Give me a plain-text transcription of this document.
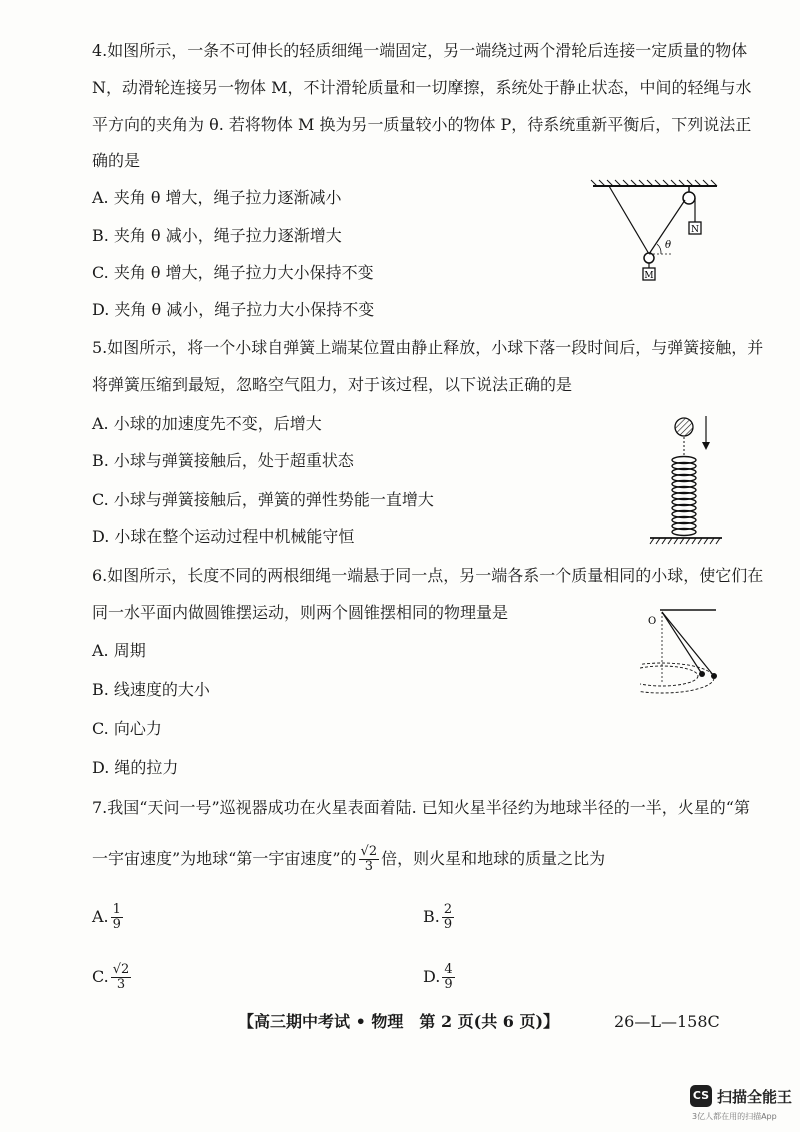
4.如图所示，一条不可伸长的轻质细绳一端固定，另一端绕过两个滑轮后连接一定质量的物体
N，动滑轮连接另一物体 M，不计滑轮质量和一切摩擦，系统处于静止状态，中间的轻绳与水
平方向的夹角为 θ. 若将物体 M 换为另一质量较小的物体 P，待系统重新平衡后，下列说法正
确的是
A. 夹角 θ 增大，绳子拉力逐渐减小
B. 夹角 θ 减小，绳子拉力逐渐增大
C. 夹角 θ 增大，绳子拉力大小保持不变
D. 夹角 θ 减小，绳子拉力大小保持不变
M
N
θ
5.如图所示，将一个小球自弹簧上端某位置由静止释放，小球下落一段时间后，与弹簧接触，并
将弹簧压缩到最短，忽略空气阻力，对于该过程，以下说法正确的是
A. 小球的加速度先不变，后增大
B. 小球与弹簧接触后，处于超重状态
C. 小球与弹簧接触后，弹簧的弹性势能一直增大
D. 小球在整个运动过程中机械能守恒
6.如图所示，长度不同的两根细绳一端悬于同一点，另一端各系一个质量相同的小球，使它们在
同一水平面内做圆锥摆运动，则两个圆锥摆相同的物理量是
A. 周期
B. 线速度的大小
C. 向心力
D. 绳的拉力
O
7.我国“天问一号”巡视器成功在火星表面着陆. 已知火星半径约为地球半径的一半，火星的“第
一宇宙速度”为地球“第一宇宙速度”的 $\frac{√2}{3}$ 倍，则火星和地球的质量之比为
A. $\frac{1}{9}$	B. $\frac{2}{9}$
C. $\frac{√2}{3}$	D. $\frac{4}{9}$
【高三期中考试 • 物理　第 2 页(共 6 页)】	26—L—158C
CS 扫描全能王
3亿人都在用的扫描App
